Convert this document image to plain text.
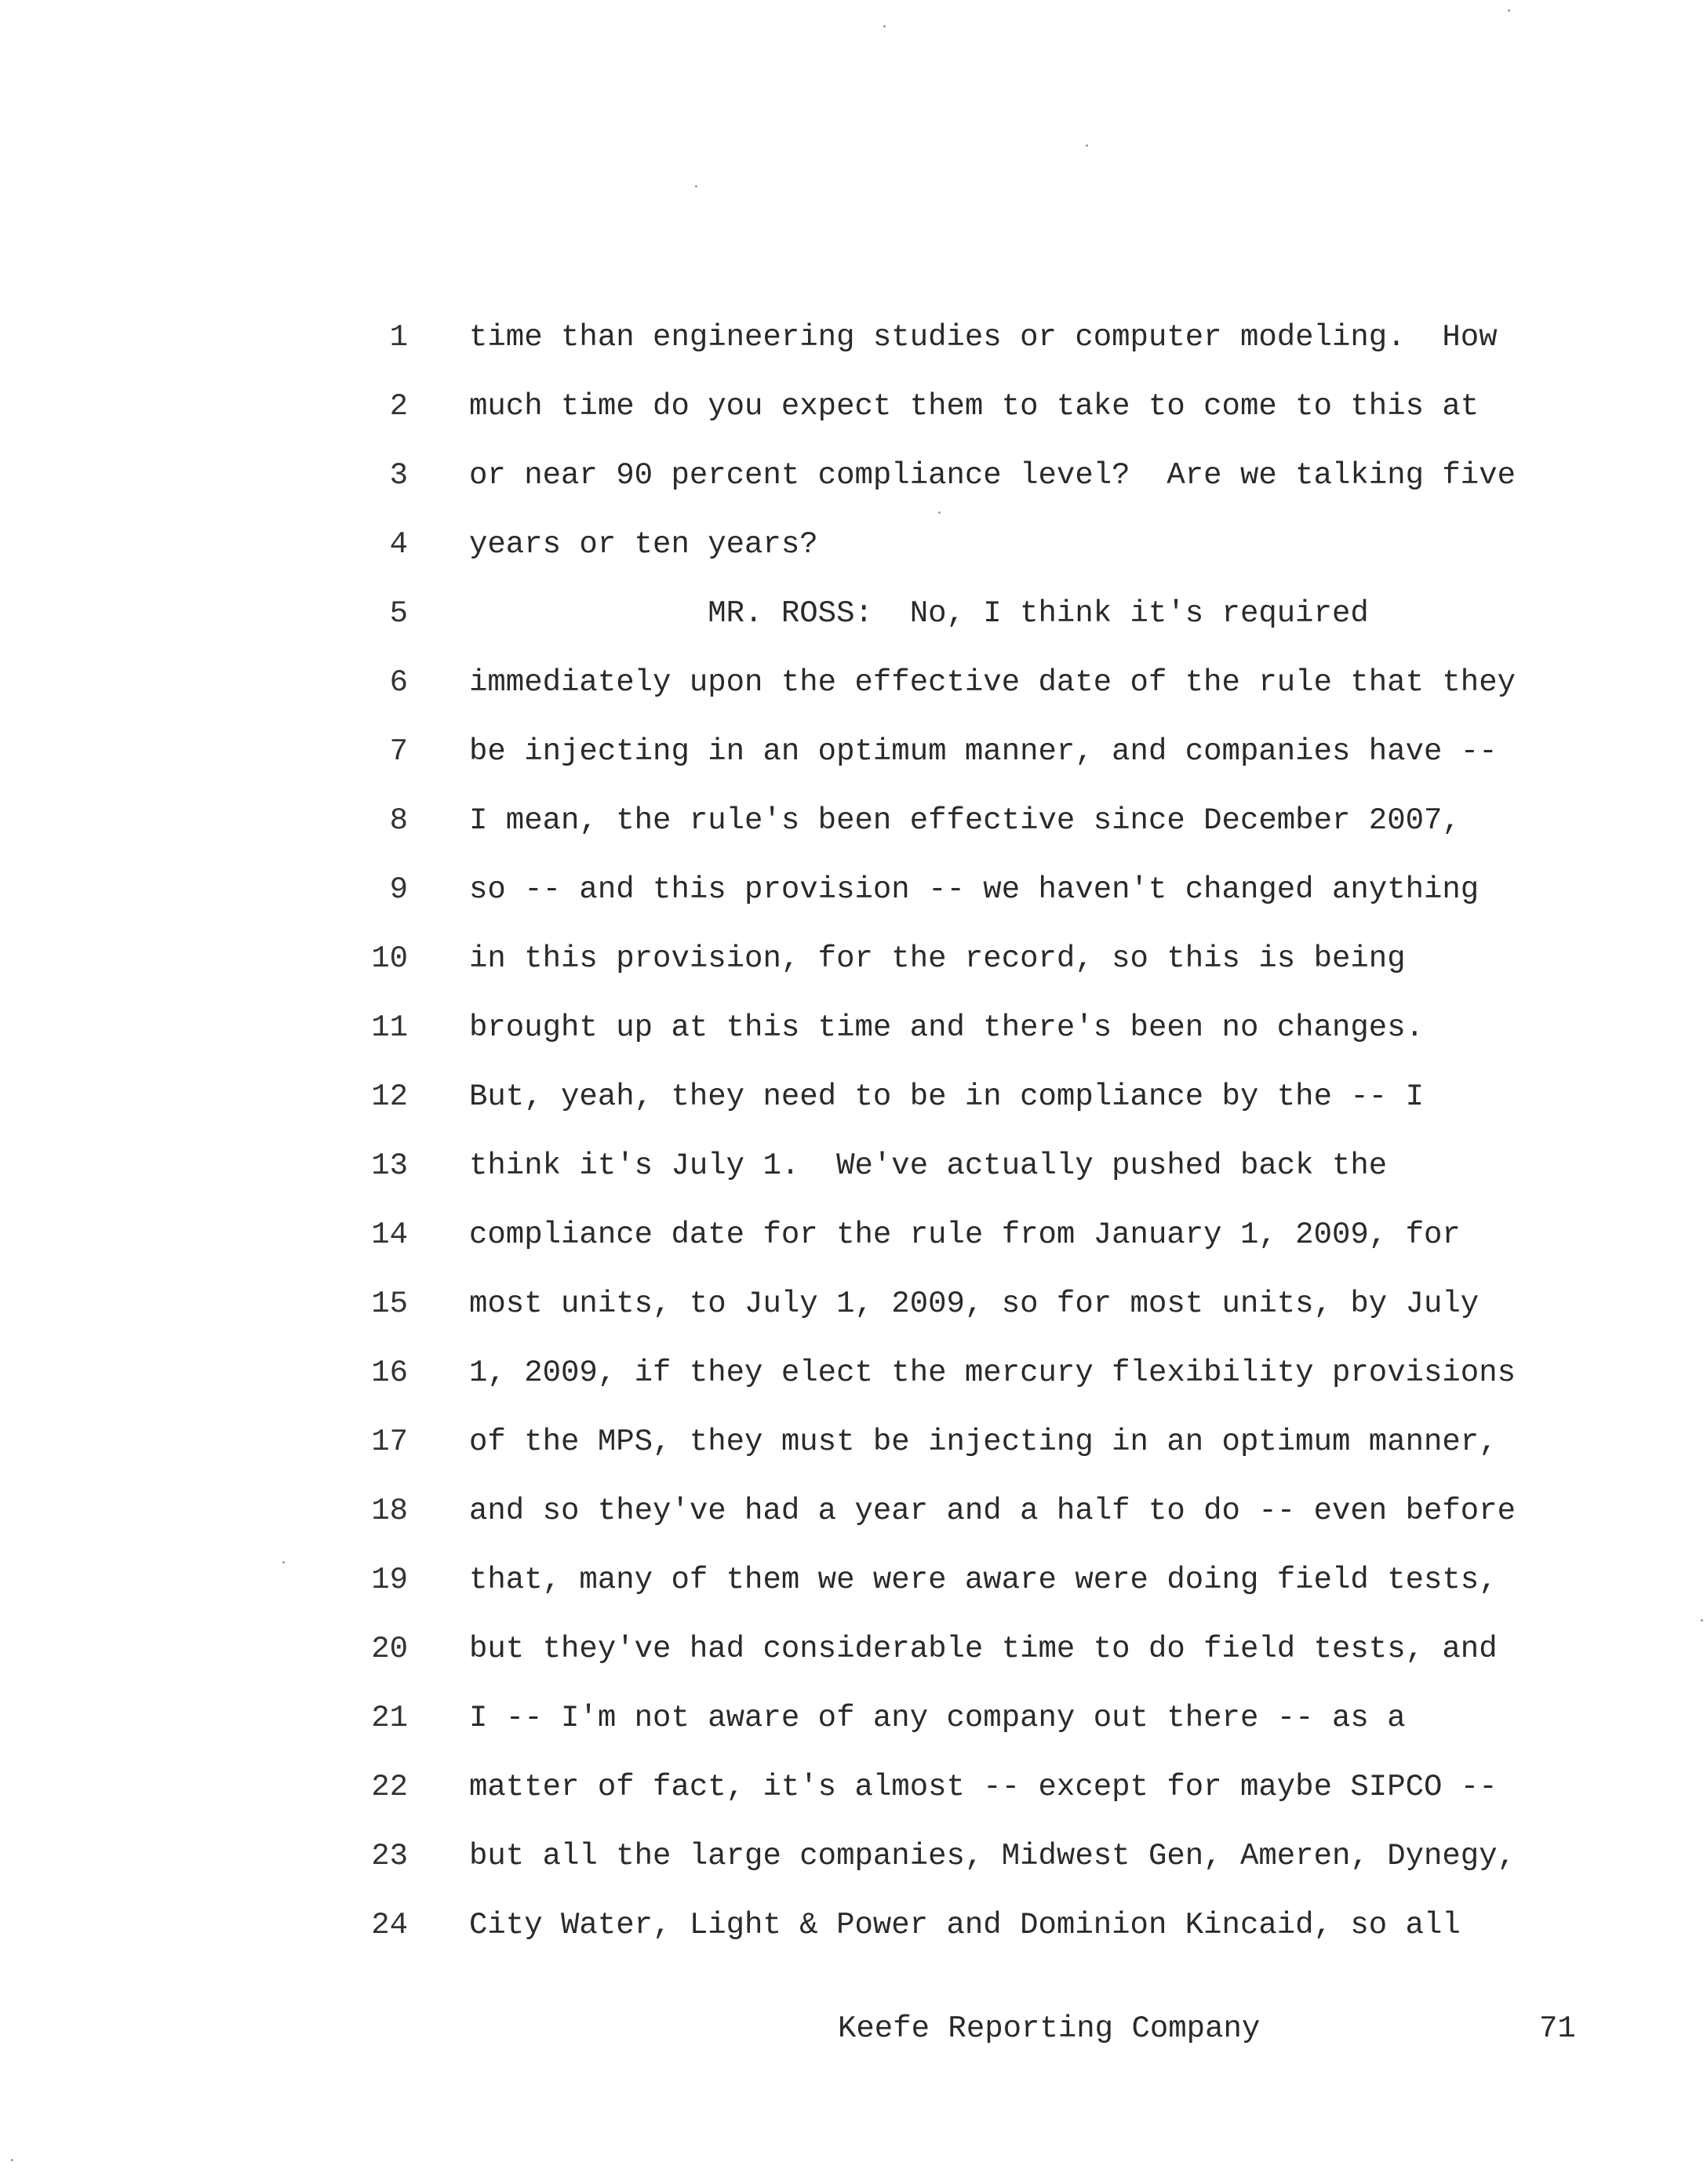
1 time than engineering studies or computer modeling.  How
2 much time do you expect them to take to come to this at
3 or near 90 percent compliance level?  Are we talking five
4 years or ten years?
5 MR. ROSS:  No, I think it's required
6 immediately upon the effective date of the rule that they
7 be injecting in an optimum manner, and companies have --
8 I mean, the rule's been effective since December 2007,
9 so -- and this provision -- we haven't changed anything
10 in this provision, for the record, so this is being
11 brought up at this time and there's been no changes.
12 But, yeah, they need to be in compliance by the -- I
13 think it's July 1.  We've actually pushed back the
14 compliance date for the rule from January 1, 2009, for
15 most units, to July 1, 2009, so for most units, by July
16 1, 2009, if they elect the mercury flexibility provisions
17 of the MPS, they must be injecting in an optimum manner,
18 and so they've had a year and a half to do -- even before
19 that, many of them we were aware were doing field tests,
20 but they've had considerable time to do field tests, and
21 I -- I'm not aware of any company out there -- as a
22 matter of fact, it's almost -- except for maybe SIPCO --
23 but all the large companies, Midwest Gen, Ameren, Dynegy,
24 City Water, Light & Power and Dominion Kincaid, so all
Keefe Reporting Company	71
